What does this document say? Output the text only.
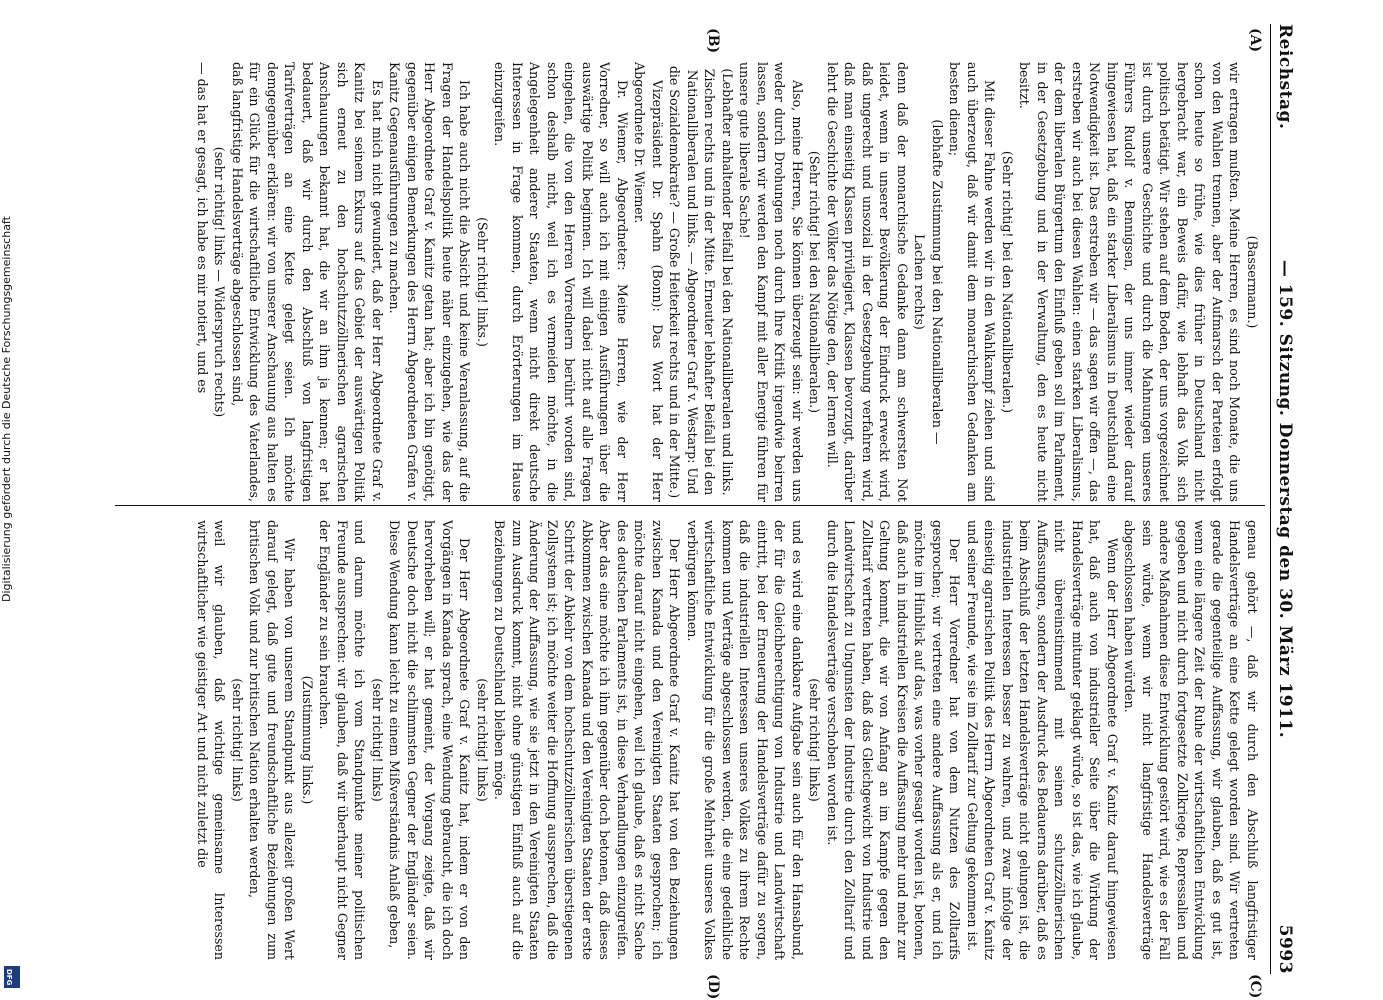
Digitalisierung gefördert durch die Deutsche Forschungsgemeinschaft
DFG
Reichstag.
— 159. Sitzung. Donnerstag den 30. März 1911.
5993
(A)
(B)
(C)
(D)

(Bassermann.)

wir ertragen mußten. Meine Herren, es sind noch Monate, die uns von den Wahlen trennen, aber der Aufmarsch der Parteien erfolgt schon heute so frühe, wie dies früher in Deutschland nicht hergebracht war, ein Beweis dafür, wie lebhaft das Volk sich politisch betätigt. Wir stehen auf dem Boden, der uns vorgezeichnet ist durch unsere Geschichte und durch die Mahnungen unseres Führers Rudolf v. Bennigsen, der uns immer wieder darauf hingewiesen hat, daß ein starker Liberalismus in Deutschland eine Notwendigkeit ist. Das erstreben wir — das sagen wir offen —, das erstreben wir auch bei diesen Wahlen: einen starken Liberalismus, der dem liberalen Bürgertum den Einfluß geben soll im Parlament, in der Gesetzgebung und in der Verwaltung, den es heute nicht besitzt.

(Sehr richtig! bei den Nationalliberalen.)

Mit dieser Fahne werden wir in den Wahlkampf ziehen und sind auch überzeugt, daß wir damit dem monarchischen Gedanken am besten dienen;

(lebhafte Zustimmung bei den Nationalliberalen —

Lachen rechts)

denn daß der monarchische Gedanke dann am schwersten Not leidet, wenn in unserer Bevölkerung der Eindruck erweckt wird, daß ungerecht und unsozial in der Gesetzgebung verfahren wird, daß man einseitig Klassen privilegiert, Klassen bevorzugt, darüber lehrt die Geschichte der Völker das Nötige den, der lernen will.

(Sehr richtig! bei den Nationalliberalen.)

Also, meine Herren, Sie können überzeugt sein: wir werden uns weder durch Drohungen noch durch Ihre Kritik irgendwie beirren lassen, sondern wir werden den Kampf mit aller Energie führen für unsere gute liberale Sache!

(Lebhafter anhaltender Beifall bei den Nationalliberalen und links. Zischen rechts und in der Mitte. Erneuter lebhafter Beifall bei den Nationalliberalen und links. — Abgeordneter Graf v. Westarp: Und die Sozialdemokratie? — Große Heiterkeit rechts und in der Mitte.)

Vizepräsident Dr. Spahn (Bonn): Das Wort hat der Herr Abgeordnete Dr. Wiemer.

Dr. Wiemer, Abgeordneter: Meine Herren, wie der Herr Vorredner, so will auch ich mit einigen Ausführungen über die auswärtige Politik beginnen. Ich will dabei nicht auf alle Fragen eingehen, die von den Herren Vorrednern berührt worden sind, schon deshalb nicht, weil ich es vermeiden möchte, in die Angelegenheit anderer Staaten, wenn nicht direkt deutsche Interessen in Frage kommen, durch Erörterungen im Hause einzugreifen.

(Sehr richtig! links.)

Ich habe auch nicht die Absicht und keine Veranlassung, auf die Fragen der Handelspolitik heute näher einzugehen, wie das der Herr Abgeordnete Graf v. Kanitz getan hat; aber ich bin genötigt, gegenüber einigen Bemerkungen des Herrn Abgeordneten Grafen v. Kanitz Gegenausführungen zu machen.

Es hat mich nicht gewundert, daß der Herr Abgeordnete Graf v. Kanitz bei seinem Exkurs auf das Gebiet der auswärtigen Politik sich erneut zu den hochschutzzöllnerischen agrarischen Anschauungen bekannt hat, die wir an ihm ja kennen; er hat bedauert, daß wir durch den Abschluß von langfristigen Tarifverträgen an eine Kette gelegt seien. Ich möchte demgegenüber erklären: wir von unserer Anschauung aus halten es für ein Glück für die wirtschaftliche Entwicklung des Vaterlandes, daß langfristige Handelsverträge abgeschlossen sind,

(sehr richtig! links — Widerspruch rechts)

— das hat er gesagt, ich habe es mir notiert, und es

genau gehört —, daß wir durch den Abschluß langfristiger Handelsverträge an eine Kette gelegt worden sind. Wir vertreten gerade die gegenteilige Auffassung, wir glauben, daß es gut ist, wenn eine längere Zeit der Ruhe der wirtschaftlichen Entwicklung gegeben und nicht durch fortgesetzte Zollkriege, Repressalien und andere Maßnahmen diese Entwicklung gestört wird, wie es der Fall sein würde, wenn wir nicht langfristige Handelsverträge abgeschlossen haben würden.

Wenn der Herr Abgeordnete Graf v. Kanitz darauf hingewiesen hat, daß auch von industrieller Seite über die Wirkung der Handelsverträge mitunter geklagt würde, so ist das, wie ich glaube, nicht übereinstimmend mit seinen schutzzöllnerischen Auffassungen, sondern der Ausdruck des Bedauerns darüber, daß es beim Abschluß der letzten Handelsverträge nicht gelungen ist, die industriellen Interessen besser zu wahren, und zwar infolge der einseitig agrarischen Politik des Herrn Abgeordneten Graf v. Kanitz und seiner Freunde, wie sie im Zolltarif zur Geltung gekommen ist.

Der Herr Vorredner hat von dem Nutzen des Zolltarifs gesprochen; wir vertreten eine andere Auffassung als er, und ich möchte im Hinblick auf das, was vorher gesagt worden ist, betonen, daß auch in industriellen Kreisen die Auffassung mehr und mehr zur Geltung kommt, die wir von Anfang an im Kampfe gegen den Zolltarif vertreten haben, daß das Gleichgewicht von Industrie und Landwirtschaft zu Ungunsten der Industrie durch den Zolltarif und durch die Handelsverträge verschoben worden ist.

(sehr richtig! links)

und es wird eine dankbare Aufgabe sein auch für den Hansabund, der für die Gleichberechtigung von Industrie und Landwirtschaft eintritt, bei der Erneuerung der Handelsverträge dafür zu sorgen, daß die industriellen Interessen unseres Volkes zu ihrem Rechte kommen und Verträge abgeschlossen werden, die eine gedeihliche wirtschaftliche Entwicklung für die große Mehrheit unseres Volkes verbürgen können.

Der Herr Abgeordnete Graf v. Kanitz hat von den Beziehungen zwischen Kanada und den Vereinigten Staaten gesprochen; ich möchte darauf nicht eingehen, weil ich glaube, daß es nicht Sache des deutschen Parlaments ist, in diese Verhandlungen einzugreifen. Aber das eine möchte ich ihm gegenüber doch betonen, daß dieses Abkommen zwischen Kanada und den Vereinigten Staaten der erste Schritt der Abkehr von dem hochschutzzöllnerischen überstiegenen Zollsystem ist; ich möchte weiter die Hoffnung aussprechen, daß die Änderung der Auffassung, wie sie jetzt in den Vereinigten Staaten zum Ausdruck kommt, nicht ohne günstigen Einfluß auch auf die Beziehungen zu Deutschland bleiben möge.

(sehr richtig! links)

Der Herr Abgeordnete Graf v. Kanitz hat, indem er von den Vorgängen in Kanada sprach, eine Wendung gebraucht, die ich doch hervorheben will; er hat gemeint, der Vorgang zeigte, daß wir Deutsche doch nicht die schlimmsten Gegner der Engländer seien. Diese Wendung kann leicht zu einem Mißverständnis Anlaß geben,

(sehr richtig! links)

und darum möchte ich vom Standpunkte meiner politischen Freunde aussprechen: wir glauben, daß wir überhaupt nicht Gegner der Engländer zu sein brauchen.

(Zustimmung links.)

Wir haben von unserem Standpunkt aus allezeit großen Wert darauf gelegt, daß gute und freundschaftliche Beziehungen zum britischen Volk und zur britischen Nation erhalten werden,

(sehr richtig! links)

weil wir glauben, daß wichtige gemeinsame Interessen wirtschaftlicher wie geistiger Art und nicht zuletzt die
